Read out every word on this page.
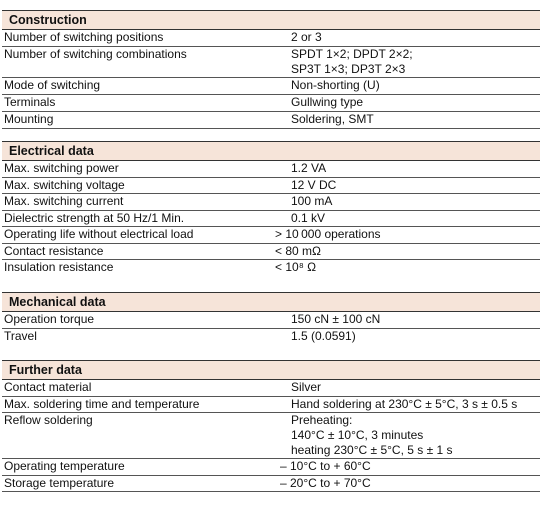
Construction
Number of switching positions	2 or 3
Number of switching combinations	SPDT 1×2; DPDT 2×2;
SP3T 1×3; DP3T 2×3
Mode of switching	Non-shorting (U)
Terminals	Gullwing type
Mounting	Soldering, SMT
Electrical data
Max. switching power	1.2 VA
Max. switching voltage	12 V DC
Max. switching current	100 mA
Dielectric strength at 50 Hz/1 Min.	0.1 kV
Operating life without electrical load	> 10 000 operations
Contact resistance	< 80 mΩ
Insulation resistance	< 10⁸ Ω
Mechanical data
Operation torque	150 cN ± 100 cN
Travel	1.5 (0.0591)
Further data
Contact material	Silver
Max. soldering time and temperature	Hand soldering at 230°C ± 5°C, 3 s ± 0.5 s
Reflow soldering	Preheating:
140°C ± 10°C, 3 minutes
heating 230°C ± 5°C, 5 s ± 1 s
Operating temperature	– 10°C to + 60°C
Storage temperature	– 20°C to + 70°C
